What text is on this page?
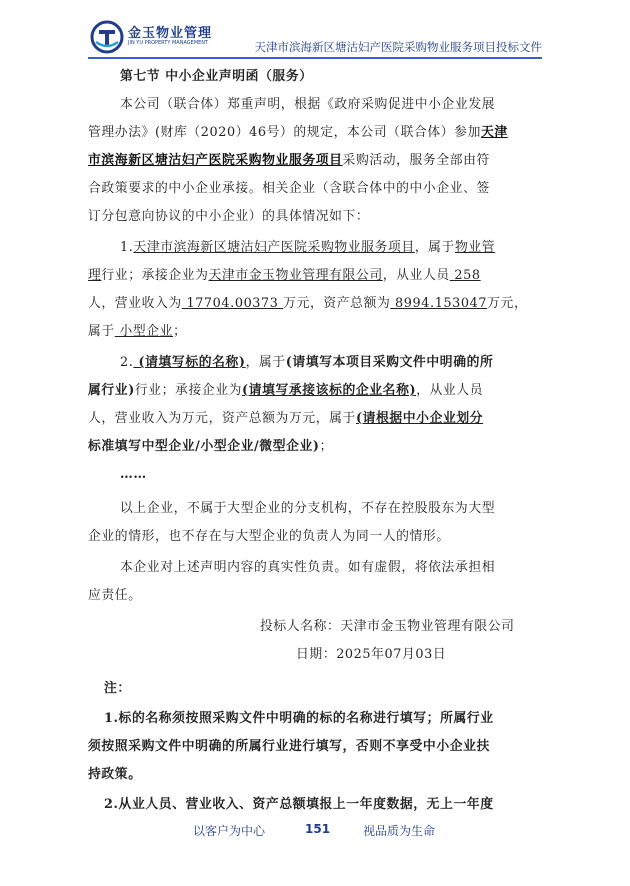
金玉物业管理
JIN YU PROPERTY MANAGEMENT	天津市滨海新区塘沽妇产医院采购物业服务项目投标文件
第七节 中小企业声明函（服务）
本公司（联合体）郑重声明，根据《政府采购促进中小企业发展
管理办法》(财库（2020）46号）的规定，本公司（联合体）参加天津
市滨海新区塘沽妇产医院采购物业服务项目采购活动，服务全部由符
合政策要求的中小企业承接。相关企业（含联合体中的中小企业、签
订分包意向协议的中小企业）的具体情况如下：
1.天津市滨海新区塘沽妇产医院采购物业服务项目，属于物业管
理行业；承接企业为天津市金玉物业管理有限公司，从业人员 258
人，营业收入为 17704.00373 万元，资产总额为 8994.153047万元，
属于 小型企业；
2. (请填写标的名称)，属于(请填写本项目采购文件中明确的所
属行业)行业；承接企业为(请填写承接该标的企业名称)，从业人员
人，营业收入为万元，资产总额为万元，属于(请根据中小企业划分
标准填写中型企业/小型企业/微型企业)；
……
以上企业，不属于大型企业的分支机构，不存在控股股东为大型
企业的情形，也不存在与大型企业的负责人为同一人的情形。
本企业对上述声明内容的真实性负责。如有虚假，将依法承担相
应责任。
投标人名称：天津市金玉物业管理有限公司
日期：2025年07月03日
注：
1.标的名称须按照采购文件中明确的标的名称进行填写；所属行业
须按照采购文件中明确的所属行业进行填写，否则不享受中小企业扶
持政策。
2.从业人员、营业收入、资产总额填报上一年度数据，无上一年度
以客户为中心	151	视品质为生命
